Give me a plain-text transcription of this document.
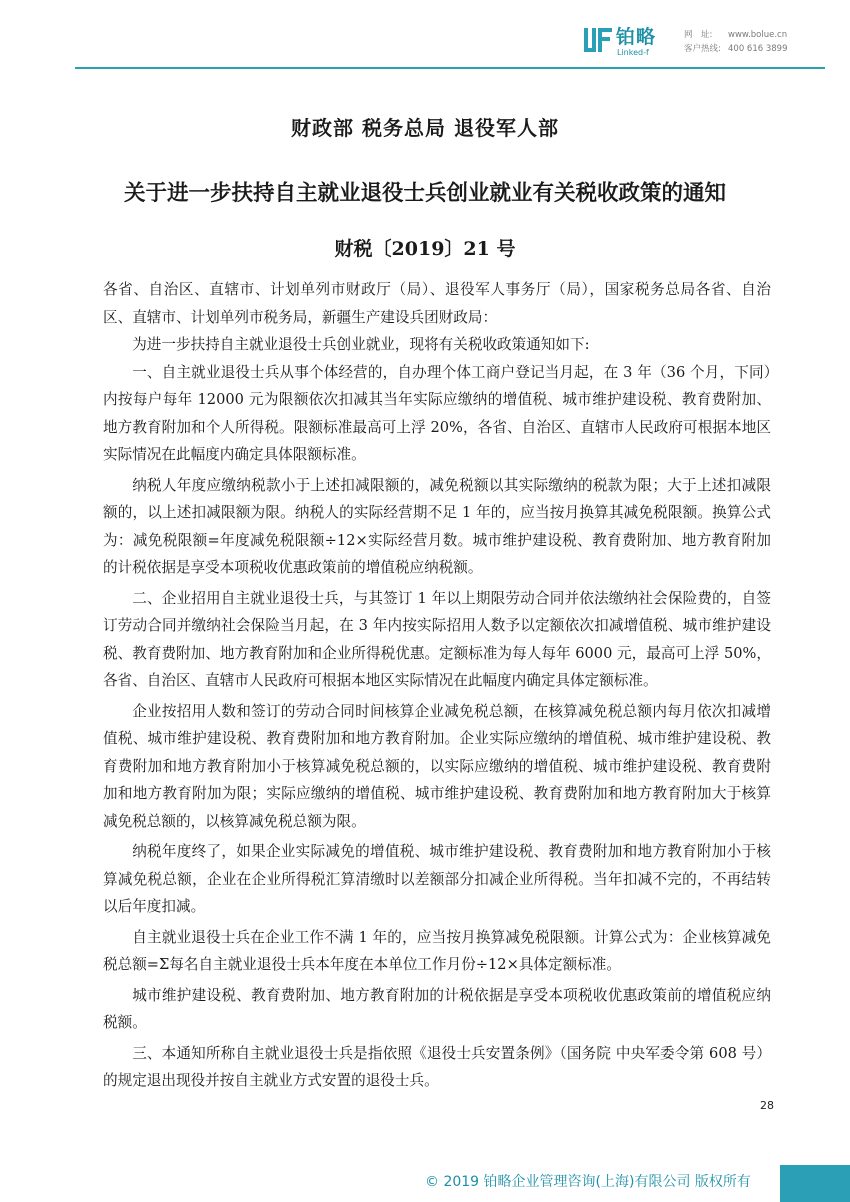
铂略
Linked-f
网　址: www.bolue.cn
客户热线: 400 616 3899
财政部 税务总局 退役军人部
关于进一步扶持自主就业退役士兵创业就业有关税收政策的通知
财税〔2019〕21 号

各省、自治区、直辖市、计划单列市财政厅（局）、退役军人事务厅（局），国家税务总局各省、自治区、直辖市、计划单列市税务局，新疆生产建设兵团财政局：

为进一步扶持自主就业退役士兵创业就业，现将有关税收政策通知如下:

一、自主就业退役士兵从事个体经营的，自办理个体工商户登记当月起，在 3 年（36 个月，下同）内按每户每年 12000 元为限额依次扣减其当年实际应缴纳的增值税、城市维护建设税、教育费附加、地方教育附加和个人所得税。限额标准最高可上浮 20%，各省、自治区、直辖市人民政府可根据本地区实际情况在此幅度内确定具体限额标准。

纳税人年度应缴纳税款小于上述扣减限额的，减免税额以其实际缴纳的税款为限；大于上述扣减限额的，以上述扣减限额为限。纳税人的实际经营期不足 1 年的，应当按月换算其减免税限额。换算公式为：减免税限额=年度减免税限额÷12×实际经营月数。城市维护建设税、教育费附加、地方教育附加的计税依据是享受本项税收优惠政策前的增值税应纳税额。

二、企业招用自主就业退役士兵，与其签订 1 年以上期限劳动合同并依法缴纳社会保险费的，自签订劳动合同并缴纳社会保险当月起，在 3 年内按实际招用人数予以定额依次扣减增值税、城市维护建设税、教育费附加、地方教育附加和企业所得税优惠。定额标准为每人每年 6000 元，最高可上浮 50%，各省、自治区、直辖市人民政府可根据本地区实际情况在此幅度内确定具体定额标准。

企业按招用人数和签订的劳动合同时间核算企业减免税总额，在核算减免税总额内每月依次扣减增值税、城市维护建设税、教育费附加和地方教育附加。企业实际应缴纳的增值税、城市维护建设税、教育费附加和地方教育附加小于核算减免税总额的，以实际应缴纳的增值税、城市维护建设税、教育费附加和地方教育附加为限；实际应缴纳的增值税、城市维护建设税、教育费附加和地方教育附加大于核算减免税总额的，以核算减免税总额为限。

纳税年度终了，如果企业实际减免的增值税、城市维护建设税、教育费附加和地方教育附加小于核算减免税总额，企业在企业所得税汇算清缴时以差额部分扣减企业所得税。当年扣减不完的，不再结转以后年度扣减。

自主就业退役士兵在企业工作不满 1 年的，应当按月换算减免税限额。计算公式为：企业核算减免税总额=Σ每名自主就业退役士兵本年度在本单位工作月份÷12×具体定额标准。

城市维护建设税、教育费附加、地方教育附加的计税依据是享受本项税收优惠政策前的增值税应纳税额。

三、本通知所称自主就业退役士兵是指依照《退役士兵安置条例》（国务院 中央军委令第 608 号）的规定退出现役并按自主就业方式安置的退役士兵。

28
© 2019 铂略企业管理咨询(上海)有限公司 版权所有
